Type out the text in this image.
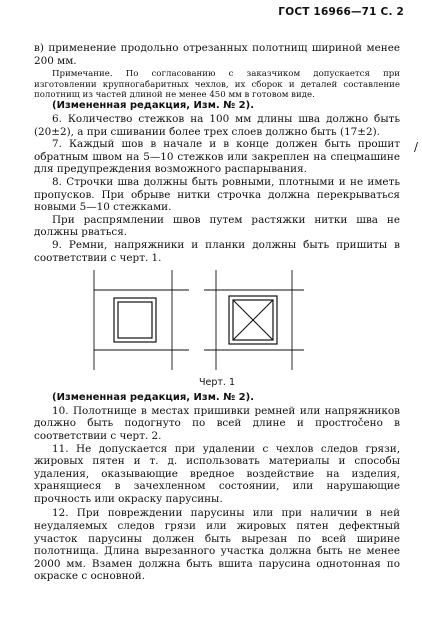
ГОСТ 16966—71 С. 2

в) применение продольно отрезанных полотнищ шириной менее 200 мм.

Примечание. По согласованию с заказчиком допускается при изготовлении крупногабаритных чехлов, их сборок и деталей составление полотнищ из частей длиной не менее 450 мм в готовом виде.

(Измененная редакция, Изм. № 2).

6. Количество стежков на 100 мм длины шва должно быть (20±2), а при сшивании более трех слоев должно быть (17±2).

7. Каждый шов в начале и в конце должен быть прошит обратным швом на 5—10 стежков или закреплен на спецмашине для предупреждения возможного распарывания.

/

8. Строчки шва должны быть ровными, плотными и не иметь пропусков. При обрыве нитки строчка должна перекрываться новыми 5—10 стежками.

При распрямлении швов путем растяжки нитки шва не должны рваться.

9. Ремни, напряжники и планки должны быть пришиты в соответствии с черт. 1.

Черт. 1

(Измененная редакция, Изм. № 2).

10. Полотнище в местах пришивки ремней или напряжников должно быть подогнуто по всей длине и простročено в соответствии с черт. 2.

11. Не допускается при удалении с чехлов следов грязи, жировых пятен и т. д. использовать материалы и способы удаления, оказывающие вредное воздействие на изделия, хранящиеся в зачехленном состоянии, или нарушающие прочность или окраску парусины.

12. При повреждении парусины или при наличии в ней неудаляемых следов грязи или жировых пятен дефектный участок парусины должен быть вырезан по всей ширине полотнища. Длина вырезанного участка должна быть не менее 2000 мм. Взамен должна быть вшита парусина однотонная по окраске с основной.
